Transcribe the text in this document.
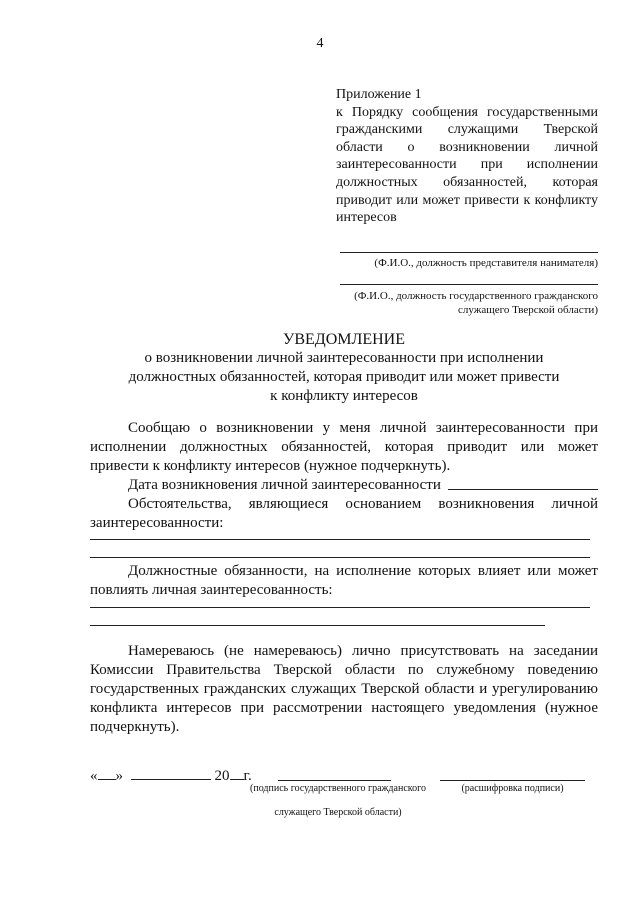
4
Приложение 1
к Порядку сообщения государственными гражданскими служащими Тверской области о возникновении личной заинтересованности при исполнении должностных обязанностей, которая приводит или может привести к конфликту интересов
(Ф.И.О., должность представителя нанимателя)
(Ф.И.О., должность государственного гражданского
служащего Тверской области)
УВЕДОМЛЕНИЕ
о возникновении личной заинтересованности при исполнении
должностных обязанностей, которая приводит или может привести
к конфликту интересов
Сообщаю о возникновении у меня личной заинтересованности при исполнении должностных обязанностей, которая приводит или может привести к конфликту интересов (нужное подчеркнуть).
Дата возникновения личной заинтересованности
Обстоятельства, являющиеся основанием возникновения личной заинтересованности:
Должностные обязанности, на исполнение которых влияет или может повлиять личная заинтересованность:
Намереваюсь (не намереваюсь) лично присутствовать на заседании Комиссии Правительства Тверской области по служебному поведению государственных гражданских служащих Тверской области и урегулированию конфликта интересов при рассмотрении настоящего уведомления (нужное подчеркнуть).
« »	20 г.
(подпись государственного гражданского
служащего Тверской области)
(расшифровка подписи)
